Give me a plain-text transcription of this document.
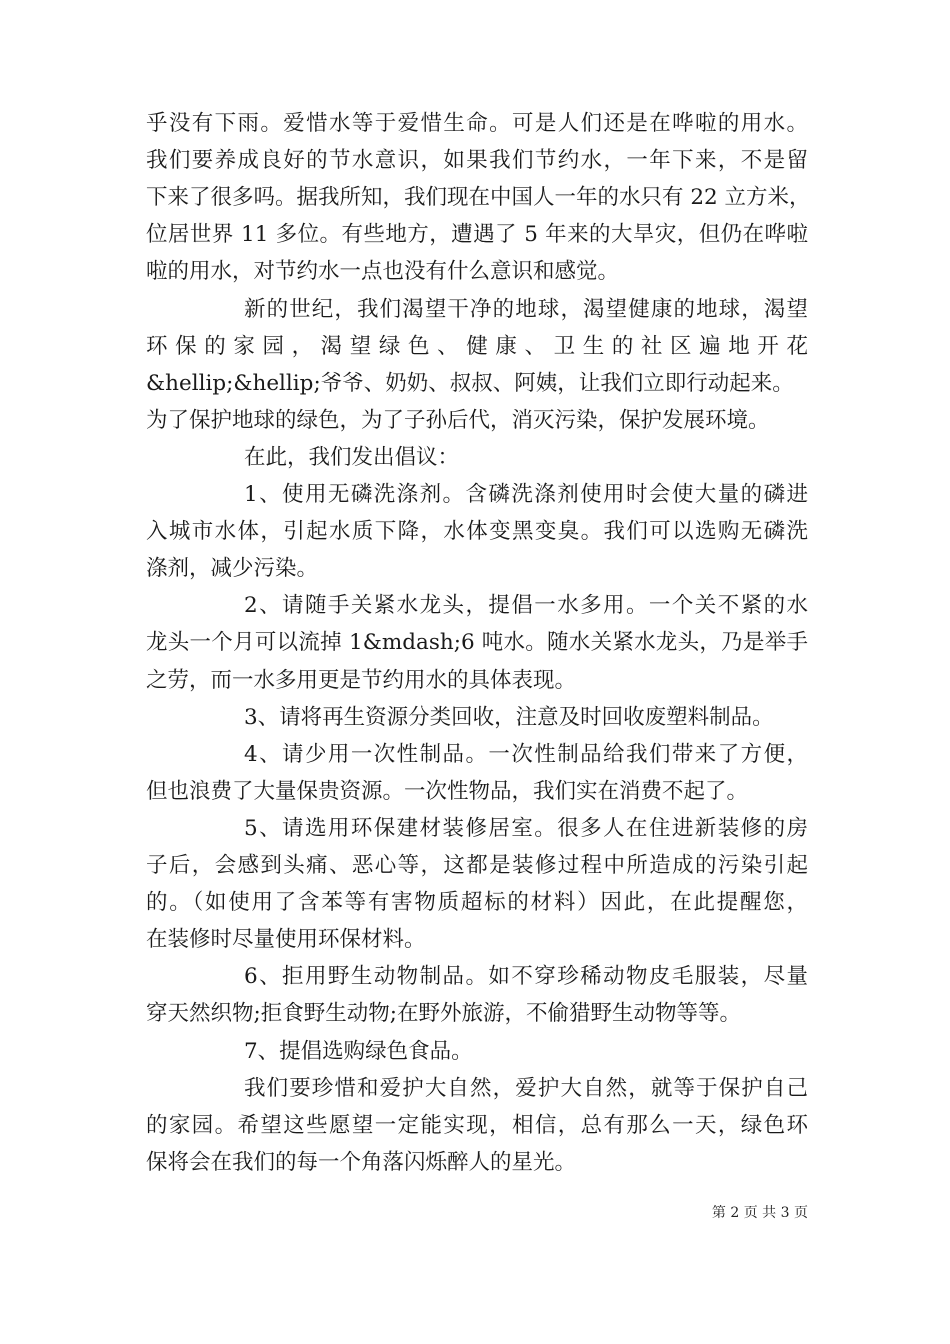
乎没有下雨。爱惜水等于爱惜生命。可是人们还是在哗啦的用水。
我们要养成良好的节水意识，如果我们节约水，一年下来，不是留
下来了很多吗。据我所知，我们现在中国人一年的水只有 22 立方米，
位居世界 11 多位。有些地方，遭遇了 5 年来的大旱灾，但仍在哗啦
啦的用水，对节约水一点也没有什么意识和感觉。
新的世纪，我们渴望干净的地球，渴望健康的地球，渴望
环 保 的 家 园 ， 渴 望 绿 色 、 健 康 、 卫 生 的 社 区 遍 地 开 花
&hellip;&hellip;爷爷、奶奶、叔叔、阿姨，让我们立即行动起来。
为了保护地球的绿色，为了子孙后代，消灭污染，保护发展环境。
在此，我们发出倡议：
1、使用无磷洗涤剂。含磷洗涤剂使用时会使大量的磷进
入城市水体，引起水质下降，水体变黑变臭。我们可以选购无磷洗
涤剂，减少污染。
2、请随手关紧水龙头，提倡一水多用。一个关不紧的水
龙头一个月可以流掉 1&mdash;6 吨水。随水关紧水龙头，乃是举手
之劳，而一水多用更是节约用水的具体表现。
3、请将再生资源分类回收，注意及时回收废塑料制品。
4、请少用一次性制品。一次性制品给我们带来了方便，
但也浪费了大量保贵资源。一次性物品，我们实在消费不起了。
5、请选用环保建材装修居室。很多人在住进新装修的房
子后，会感到头痛、恶心等，这都是装修过程中所造成的污染引起
的。（如使用了含苯等有害物质超标的材料）因此，在此提醒您，
在装修时尽量使用环保材料。
6、拒用野生动物制品。如不穿珍稀动物皮毛服装，尽量
穿天然织物;拒食野生动物;在野外旅游，不偷猎野生动物等等。
7、提倡选购绿色食品。
我们要珍惜和爱护大自然，爱护大自然，就等于保护自己
的家园。希望这些愿望一定能实现，相信，总有那么一天，绿色环
保将会在我们的每一个角落闪烁醉人的星光。
第 2 页 共 3 页
